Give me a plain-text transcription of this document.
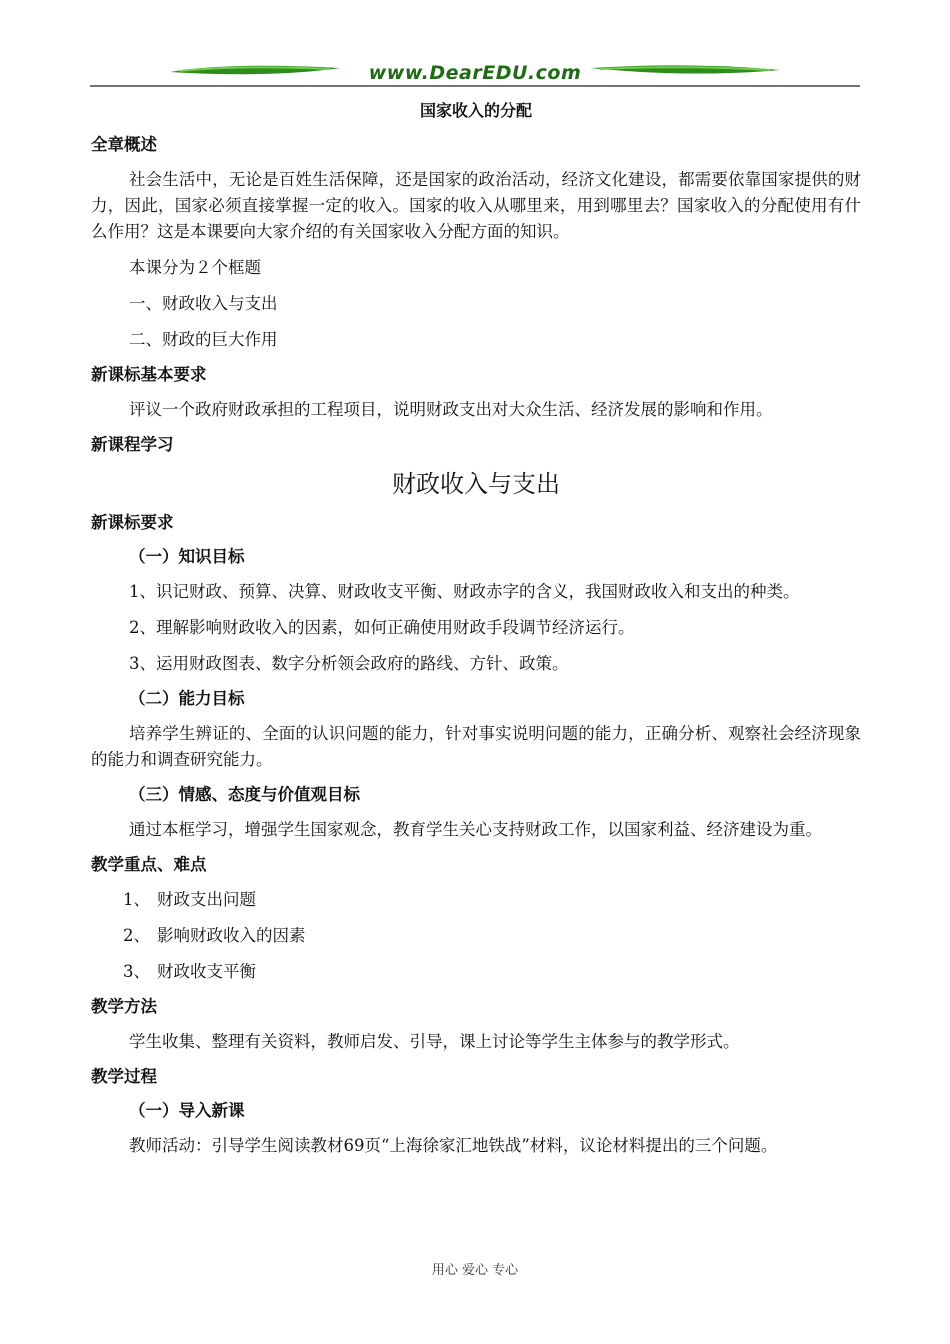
www.DearEDU.com
国家收入的分配
全章概述
社会生活中，无论是百姓生活保障，还是国家的政治活动，经济文化建设，都需要依靠国家提供的财力，因此，国家必须直接掌握一定的收入。国家的收入从哪里来，用到哪里去？国家收入的分配使用有什么作用？这是本课要向大家介绍的有关国家收入分配方面的知识。
本课分为２个框题
一、财政收入与支出
二、财政的巨大作用
新课标基本要求
评议一个政府财政承担的工程项目，说明财政支出对大众生活、经济发展的影响和作用。
新课程学习
财政收入与支出
新课标要求
（一）知识目标
1、识记财政、预算、决算、财政收支平衡、财政赤字的含义，我国财政收入和支出的种类。
2、理解影响财政收入的因素，如何正确使用财政手段调节经济运行。
3、运用财政图表、数字分析领会政府的路线、方针、政策。
（二）能力目标
培养学生辨证的、全面的认识问题的能力，针对事实说明问题的能力，正确分析、观察社会经济现象的能力和调查研究能力。
（三）情感、态度与价值观目标
通过本框学习，增强学生国家观念，教育学生关心支持财政工作，以国家利益、经济建设为重。
教学重点、难点
1、 财政支出问题
2、 影响财政收入的因素
3、 财政收支平衡
教学方法
学生收集、整理有关资料，教师启发、引导，课上讨论等学生主体参与的教学形式。
教学过程
（一）导入新课
教师活动：引导学生阅读教材69页“上海徐家汇地铁战”材料，议论材料提出的三个问题。
用心 爱心 专心
